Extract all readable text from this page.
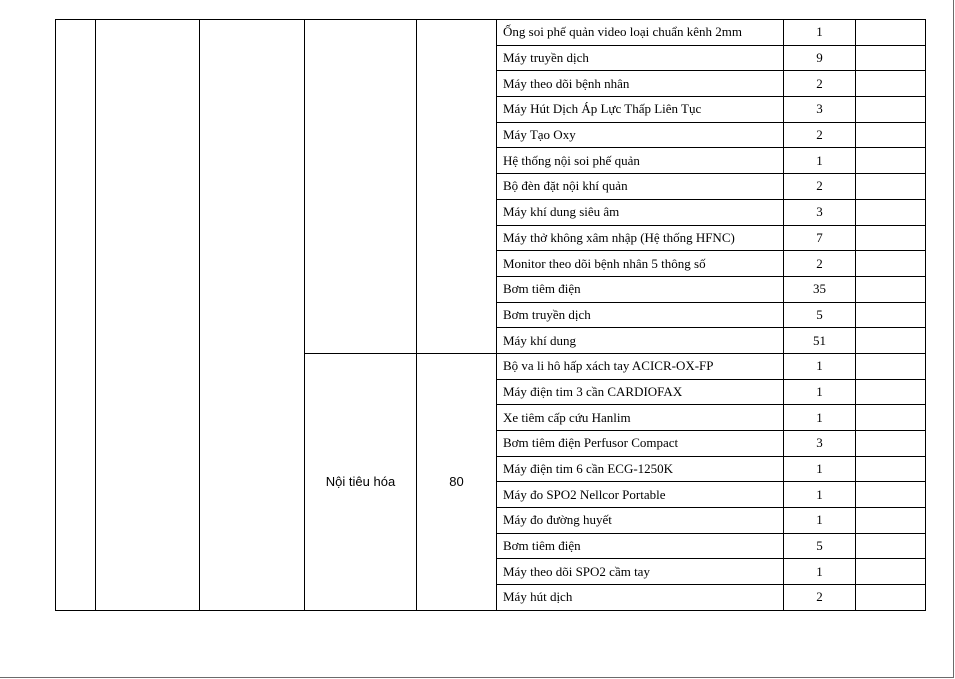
					Ống soi phế quản video loại chuẩn kênh 2mm	1	
					Máy truyền dịch	9	
					Máy theo dõi bệnh nhân	2	
					Máy Hút Dịch Áp Lực Thấp Liên Tục	3	
					Máy Tạo Oxy	2	
					Hệ thống nội soi phế quản	1	
					Bộ đèn đặt nội khí quản	2	
					Máy khí dung siêu âm	3	
					Máy thở không xâm nhập (Hệ thống HFNC)	7	
					Monitor theo dõi bệnh nhân 5 thông số	2	
					Bơm tiêm điện	35	
					Bơm truyền dịch	5	
					Máy khí dung	51	
			Nội tiêu hóa	80	Bộ va li hô hấp xách tay ACICR-OX-FP	1	
					Máy điện tim 3 cần CARDIOFAX	1	
					Xe tiêm cấp cứu Hanlim	1	
					Bơm tiêm điện Perfusor Compact	3	
					Máy điện tim 6 cần ECG-1250K	1	
					Máy đo SPO2 Nellcor Portable	1	
					Máy đo đường huyết	1	
					Bơm tiêm điện	5	
					Máy theo dõi SPO2 cầm tay	1	
					Máy hút dịch	2	
